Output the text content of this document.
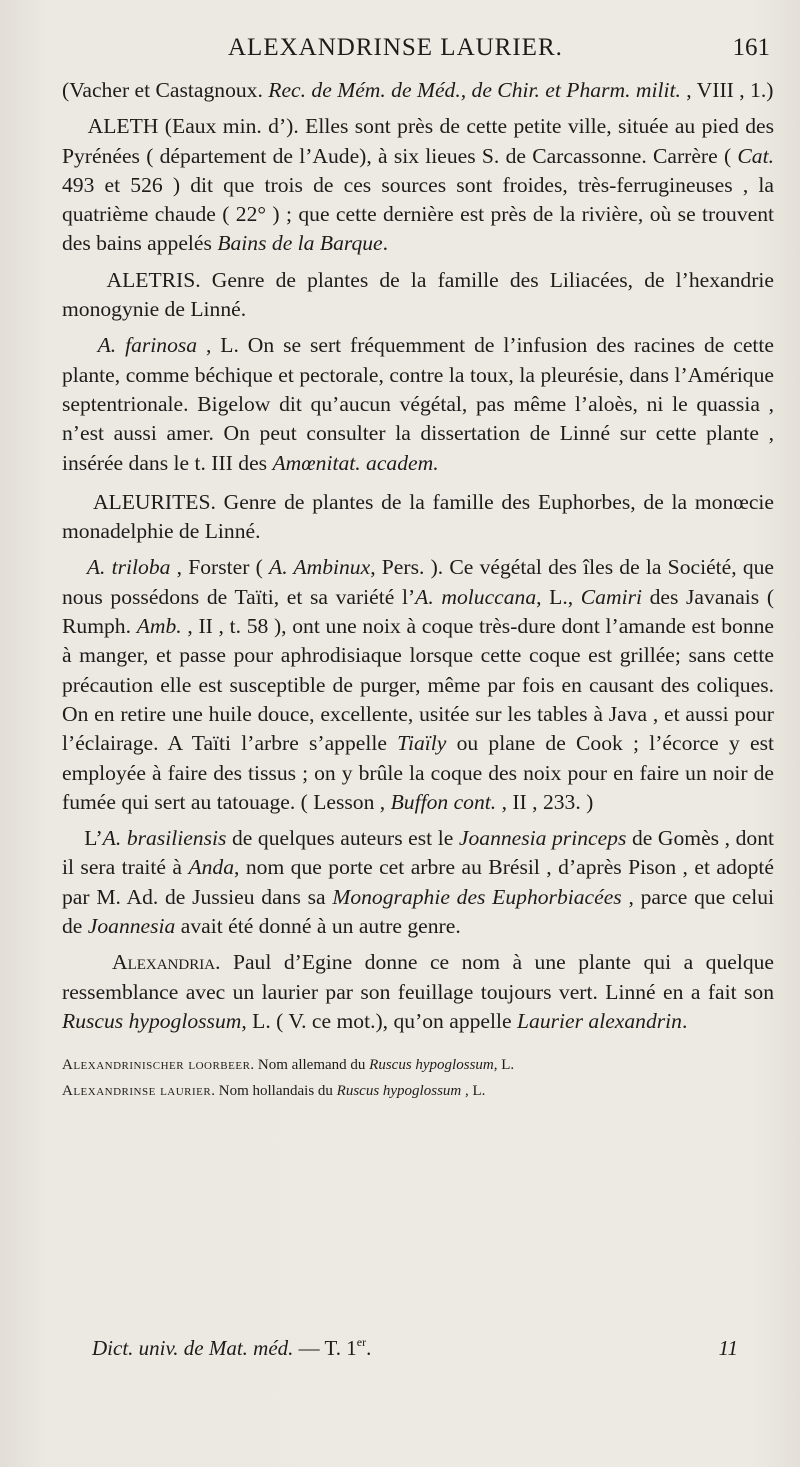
ALEXANDRINSE LAURIER.	161

(Vacher et Castagnoux. Rec. de Mém. de Méd., de Chir. et Pharm. milit. , VIII , 1.)

ALETH (Eaux min. d’). Elles sont près de cette petite ville, située au pied des Pyrénées ( département de l’Aude), à six lieues S. de Carcassonne. Carrère ( Cat. 493 et 526 ) dit que trois de ces sources sont froides, très-ferrugineuses , la quatrième chaude ( 22° ) ; que cette dernière est près de la rivière, où se trouvent des bains appelés Bains de la Barque.

ALETRIS. Genre de plantes de la famille des Liliacées, de l’hexandrie monogynie de Linné.

A. farinosa , L. On se sert fréquemment de l’infusion des racines de cette plante, comme béchique et pectorale, contre la toux, la pleurésie, dans l’Amérique septentrionale. Bigelow dit qu’aucun végétal, pas même l’aloès, ni le quassia , n’est aussi amer. On peut consulter la dissertation de Linné sur cette plante , insérée dans le t. III des Amœnitat. academ.

ALEURITES. Genre de plantes de la famille des Euphorbes, de la monœcie monadelphie de Linné.

A. triloba , Forster ( A. Ambinux, Pers. ). Ce végétal des îles de la Société, que nous possédons de Taïti, et sa variété l’A. moluccana, L., Camiri des Javanais ( Rumph. Amb. , II , t. 58 ), ont une noix à coque très-dure dont l’amande est bonne à manger, et passe pour aphrodisiaque lorsque cette coque est grillée; sans cette précaution elle est susceptible de purger, même par fois en causant des coliques. On en retire une huile douce, excellente, usitée sur les tables à Java , et aussi pour l’éclairage. A Taïti l’arbre s’appelle Tiaïly ou plane de Cook ; l’écorce y est employée à faire des tissus ; on y brûle la coque des noix pour en faire un noir de fumée qui sert au tatouage. ( Lesson , Buffon cont. , II , 233. )

L’A. brasiliensis de quelques auteurs est le Joannesia princeps de Gomès , dont il sera traité à Anda, nom que porte cet arbre au Brésil , d’après Pison , et adopté par M. Ad. de Jussieu dans sa Monographie des Euphorbiacées , parce que celui de Joannesia avait été donné à un autre genre.

Alexandria. Paul d’Egine donne ce nom à une plante qui a quelque ressemblance avec un laurier par son feuillage toujours vert. Linné en a fait son Ruscus hypoglossum, L. ( V. ce mot.), qu’on appelle Laurier alexandrin.

Alexandrinischer loorbeer. Nom allemand du Ruscus hypoglossum, L.

Alexandrinse laurier. Nom hollandais du Ruscus hypoglossum , L.

Dict. univ. de Mat. méd. — T. 1er.	11
